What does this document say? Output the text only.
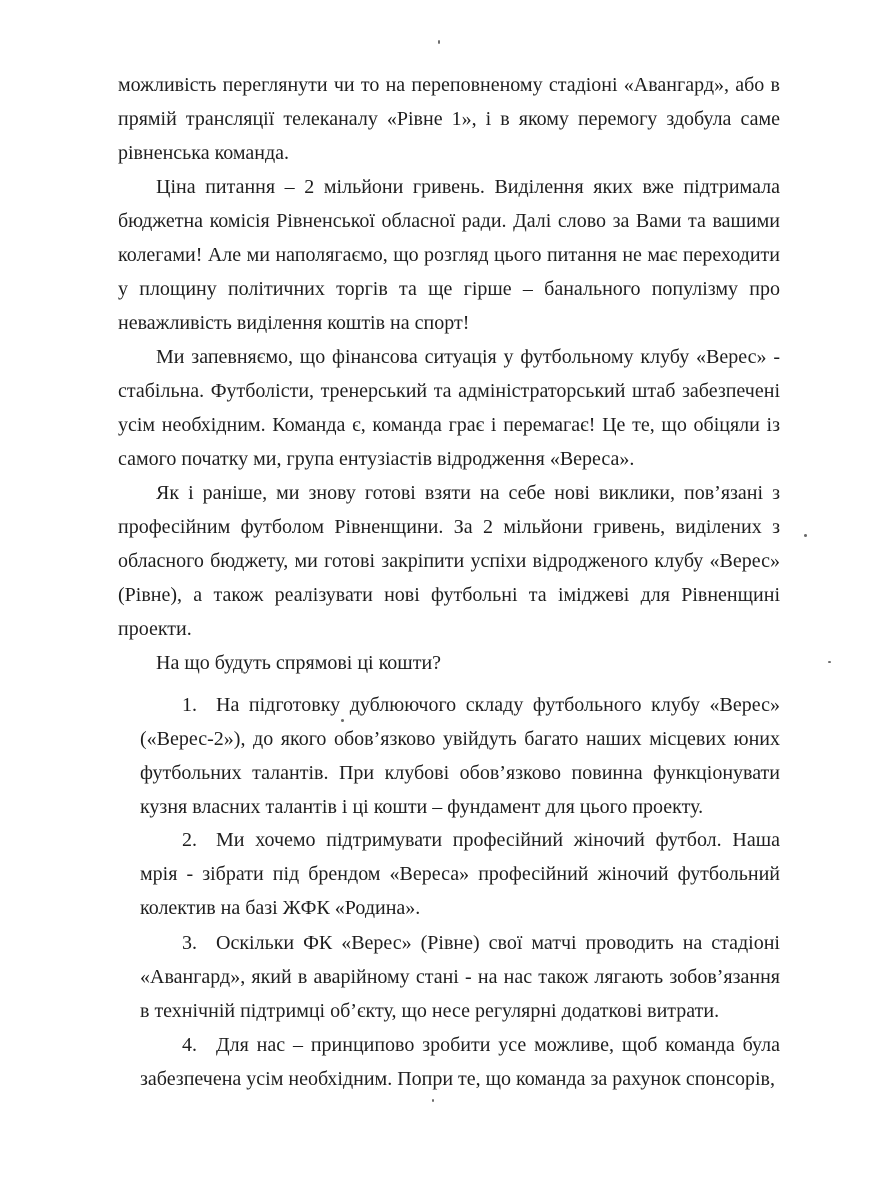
можливість переглянути чи то на переповненому стадіоні «Авангард», або в прямій трансляції телеканалу «Рівне 1», і в якому перемогу здобула саме рівненська команда.

Ціна питання – 2 мільйони гривень. Виділення яких вже підтримала бюджетна комісія Рівненської обласної ради. Далі слово за Вами та вашими колегами! Але ми наполягаємо, що розгляд цього питання не має переходити у площину політичних торгів та ще гірше – банального популізму про неважливість виділення коштів на спорт!

Ми запевняємо, що фінансова ситуація у футбольному клубу «Верес» - стабільна. Футболісти, тренерський та адміністраторський штаб забезпечені усім необхідним. Команда є, команда грає і перемагає! Це те, що обіцяли із самого початку ми, група ентузіастів відродження «Вереса».

Як і раніше, ми знову готові взяти на себе нові виклики, пов’язані з професійним футболом Рівненщини. За 2 мільйони гривень, виділених з обласного бюджету, ми готові закріпити успіхи відродженого клубу «Верес» (Рівне), а також реалізувати нові футбольні та іміджеві для Рівненщині проекти.

На що будуть спрямові ці кошти?

1. На підготовку дублюючого складу футбольного клубу «Верес» («Верес-2»), до якого обов’язково увійдуть багато наших місцевих юних футбольних талантів. При клубові обов’язково повинна функціонувати кузня власних талантів і ці кошти – фундамент для цього проекту.

2. Ми хочемо підтримувати професійний жіночий футбол. Наша мрія - зібрати під брендом «Вереса» професійний жіночий футбольний колектив на базі ЖФК «Родина».

3. Оскільки ФК «Верес» (Рівне) свої матчі проводить на стадіоні «Авангард», який в аварійному стані - на нас також лягають зобов’язання в технічній підтримці об’єкту, що несе регулярні додаткові витрати.

4. Для нас – принципово зробити усе можливе, щоб команда була забезпечена усім необхідним. Попри те, що команда за рахунок спонсорів,
